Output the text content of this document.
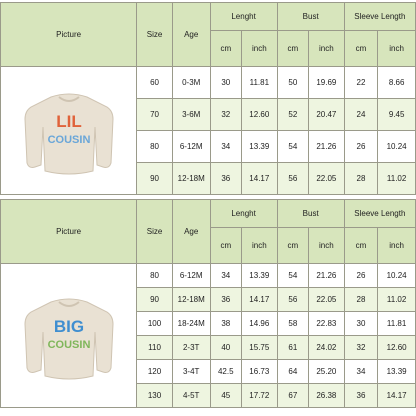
Picture	Size	Age	Lenght		Bust		Sleeve Length	
			cm	inch	cm	inch	cm	inch

LIL
COUSIN	60	0-3M	30	11.81	50	19.69	22	8.66
	70	3-6M	32	12.60	52	20.47	24	9.45
	80	6-12M	34	13.39	54	21.26	26	10.24
	90	12-18M	36	14.17	56	22.05	28	11.02
Picture	Size	Age	Lenght		Bust		Sleeve Length	
			cm	inch	cm	inch	cm	inch

BIG
COUSIN	80	6-12M	34	13.39	54	21.26	26	10.24
	90	12-18M	36	14.17	56	22.05	28	11.02
	100	18-24M	38	14.96	58	22.83	30	11.81
	110	2-3T	40	15.75	61	24.02	32	12.60
	120	3-4T	42.5	16.73	64	25.20	34	13.39
	130	4-5T	45	17.72	67	26.38	36	14.17
